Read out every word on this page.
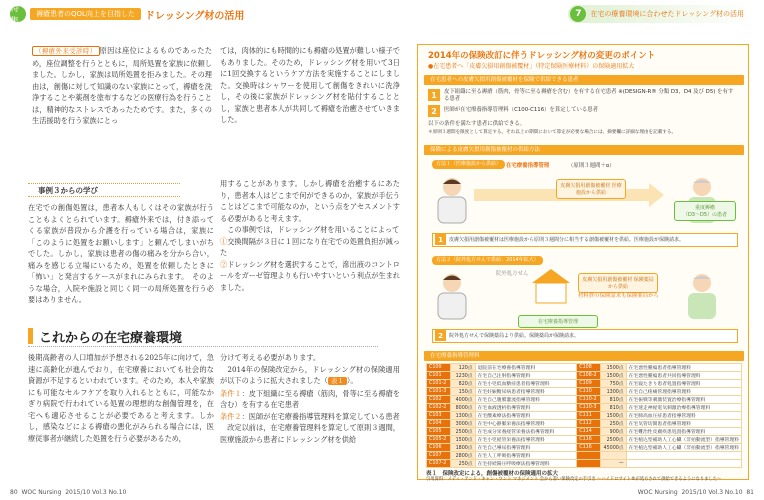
特集
褥瘡患者のQOL向上を目指した	ドレッシング材の活用	7	在宅の療養環境に合わせたドレッシング材の活用
（褥瘡外来受診時） 原因は座位によるものであったため，座位調整を行うとともに，局所処置を家族に依頼しました。しかし，家族は局所処置を拒みました。その理由は，創傷に対して知識のない家族にとって，褥瘡を洗浄することや薬剤を塗布するなどの医療行為を行うことは，精神的なストレスであったためです。また，多くの生活援助を行う家族にとっ
ては，肉体的にも時間的にも褥瘡の処置が難しい様子でもありました。そのため，ドレッシング材を用いて3日に1回交換するというケア方法を実施することにしました。交換時はシャワーを使用して創傷をきれいに洗浄し，その後に家族がドレッシング材を貼付することとし，家族と患者本人が共同して褥瘡を治癒させていきました。
事例３からの学び
在宅での創傷処置は，患者本人もしくはその家族が行うこともよくとられています。褥瘡外来では，付き添ってくる家族が普段から介護を行っている場合は，家族に「このように処置をお願いします」と頼んでしまいがちでした。しかし，家族は患者の傷の痛みを分から合い，痛みを感じる立場にいるため，処置を依頼したときに「怖い」と発言するケースがまれにみられます。　そのような場合，入院や施設と同じく同一の局所処置を行う必要はありません。

用することがあります。しかし褥瘡を治癒するにあたり，患者本人はどこまで何ができるのか，家族が手伝うことはどこまで可能なのか，という点をアセスメントする必要があると考えます。

　この事例では，ドレッシング材を用いることによって

①交換間隔が３日に１回になり在宅での処置負担が減った

②ドレッシング材を選択することで，滲出液のコントロールをガーゼ管理よりも行いやすいという利点が生まれました。

これからの在宅療養環境
後期高齢者の人口増加が予想される2025年に向けて，急速に高齢化が進んでおり，在宅療養においても社会的な資源が不足するといわれています。そのため，本人や家族にも可能なセルフケアを取り入れるとともに，可能なかぎり病院で行われている処置の理想的な創傷管理を，在宅へも適応させることが必要であると考えます。しかし，感染などによる褥瘡の悪化がみられる場合には，医療従事者が継続した処置を行う必要があるため，

分けて考える必要があります。

　2014年の保険改定から，ドレッシング材の保険適用が以下のように拡大されました（ 表１ ）。

条件１：皮下組織に至る褥瘡（筋肉，骨等に至る褥瘡を含む）を有する在宅患者

条件２：医師が在宅療養指導管理料を算定している患者

　改定以前は，在宅療養管理料を算定して原則３週間，医療施設から患者にドレッシング材を供給

2014年の保険改訂に伴うドレッシング材の変更のポイント
●在宅患者へ「皮膚欠損用創傷被覆材」（特定保険医療材料）の保険適用拡大
在宅患者への皮膚欠損用創傷被覆材を保険で供給できる患者
1	皮下組織に至る褥瘡（筋肉，骨等に至る褥瘡を含む）を有する在宅患者 ※(DESIGN-R® 分類 D3，D4 及び D5) を有する患者
2	医師が在宅療養指導管理料（C100-C116）を算定している患者
以下の条件を満たす患者に供給できる。
＊原則３週間を限度として算定する。それ以上の期間において算定が必要な場合には，摘要欄に詳細な理由を記載する。
保険による皮膚欠損用創傷被覆材の供給方法
方法１（医療施設から供給） 在宅療養指導管理	（原則３週間＋α）
皮膚欠損用創傷被覆材 医療施設から供給
重度褥瘡
（D3〜D5）の患者
1	皮膚欠損用創傷被覆材は医療施設から原則３週間分に相当する創傷被覆材を供給。医療施設が保険請求。
方法２（院外処方せんで供給：2014年拡大）
院外処方せん
皮膚欠損用創傷被覆材 保険薬局から供給
材料費の保険請求も保険薬局から
在宅療養指導管理
2	院外処方せんで保険薬局より供給。保険薬局が保険請求。
在宅療養指導管理料
C100	120点	退院前在宅療養指導管理料	C108	1500点	在宅悪性腫瘍患者指導管理料
C101	1230点	在宅自己注射指導管理料	C108-2	1500点	在宅悪性腫瘍患者共同指導管理料
C101-2	820点	在宅小児低血糖症患者指導管理料	C109	750点	在宅寝たきり患者処置指導管理料
C101-3	150点	在宅妊娠糖尿病患者指導管理料	C110	1300点	在宅自己疼痛管理指導管理料
C102	4000点	在宅自己腹膜灌流指導管理料	C110-2	810点	在宅振戦等刺激装置治療指導管理料
C102-2	8000点	在宅血液透析指導管理料	C110-3	810点	在宅迷走神経電気刺激治療指導管理料
C103	1300点	在宅酸素療法指導管理料	C111	1500点	在宅肺高血圧症患者指導管理料
C104	3000点	在宅中心静脈栄養法指導管理料	C112	250点	在宅気管切開患者指導管理料
C105	2500点	在宅成分栄養経管栄養法指導管理料	C114	900点	在宅難治性皮膚疾患処置指導管理料
C105-2	1500点	在宅小児経管栄養法指導管理料	C116	2500点	在宅植込型補助人工心臓（非拍動流型）指導管理料
C106	1800点	在宅自己導尿指導管理料	C116	45000点	在宅植込型補助人工心臓（非拍動流型）指導管理料
C107	2800点	在宅人工呼吸指導管理料			
C107-2	250点	在宅持続陽圧呼吸療法指導管理料		—	
表１　保険改定による，創傷被覆材の保険適用の拡大
引用資料：メディ・アンド・キャン・ウント マネジメント 会から書い保険改定の手引き 〜ハイドロサイト®が処方されて供給できるようになりました〜
80 WOC Nursing 2015/10 Vol.3 No.10	WOC Nursing 2015/10 Vol.3 No.10 81
